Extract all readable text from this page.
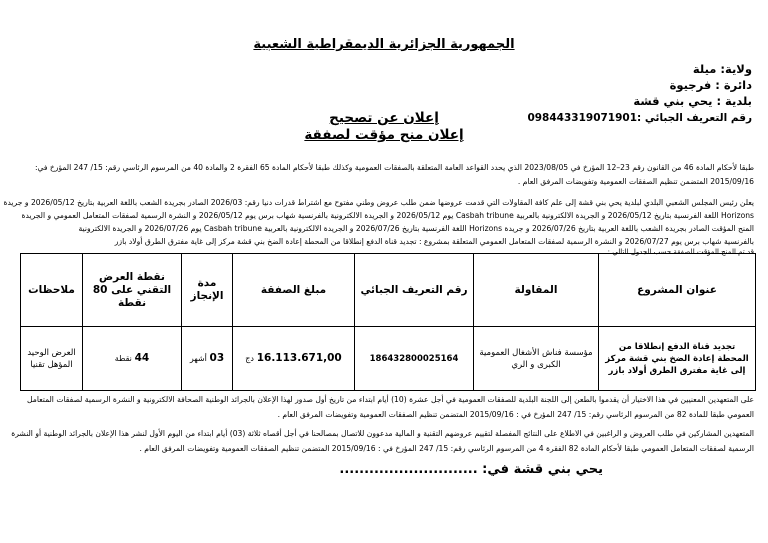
الجمهورية الجزائرية الديمقراطية الشعبية
ولاية: ميلة
دائرة : فرجيوة
بلدية : يحي بني قشة
رقم التعريف الجبائي :098443319071901
إعلان عن تصحيح
إعلان منح مؤقت لصفقة
طبقا لأحكام المادة 46 من القانون رقم 23–12 المؤرخ في 2023/08/05 الذي يحدد القواعد العامة المتعلقة بالصفقات العمومية وكذلك طبقا لأحكام المادة 65 الفقرة 2 والمادة 40 من المرسوم الرئاسي رقم: 15/ 247 المؤرخ في:
2015/09/16 المتضمن تنظيم الصفقات العمومية وتفويضات المرفق العام .
يعلن رئيس المجلس الشعبي البلدي لبلدية يحي بني قشة إلى علم كافة المقاولات التي قدمت عروضها ضمن طلب عروض وطني مفتوح مع اشتراط قدرات دنيا رقم: 2026/03 الصادر بجريدة الشعب باللغة العربية بتاريخ 2026/05/12 و جريدة
Horizons اللغة الفرنسية بتاريخ 2026/05/12 و الجريدة الالكترونية بالعربية Casbah tribune يوم 2026/05/12 و الجريدة الالكترونية بالفرنسية شهاب برس يوم 2026/05/12 و النشرة الرسمية لصفقات المتعامل العمومي و الجريدة
المنح المؤقت الصادر بجريدة الشعب باللغة العربية بتاريخ 2026/07/26 و جريدة Horizons اللغة الفرنسية بتاريخ 2026/07/26 و الجريدة الالكترونية بالعربية Casbah tribune يوم 2026/07/26 و الجريدة الالكترونية
بالفرنسية شهاب برس يوم 2026/07/27 و النشرة الرسمية لصفقات المتعامل العمومي المتعلقة بمشروع : تجديد قناة الدفع إنطلاقا من المحطة إعادة الضخ بني قشة مركز إلى غاية مفترق الطرق أولاد بازر
قد تم المنح المؤقت للصفقة حسب الجدول التالي :
عنوان المشروع	المقاولة	رقم التعريف الجبائي	مبلغ الصفقة	مدة الإنجاز	نقطة العرض التقني على 80 نقطة	ملاحظات
تجديد قناة الدفع إنطلاقا من المحطة إعادة الضخ بني قشة مركز إلى غاية مفترق الطرق أولاد بازر	مؤسسة فناش الأشغال العمومية الكبرى و الري	186432800025164	16.113.671,00 دج	03 أشهر	44 نقطة	العرض الوحيد المؤهل تقنيا
على المتعهدين المعنيين في هذا الاختيار أن يقدموا بالطعن إلى اللجنة البلدية للصفقات العمومية في أجل عشرة (10) أيام ابتداء من تاريخ أول صدور لهذا الإعلان بالجرائد الوطنية الصحافة الالكترونية و النشرة الرسمية لصفقات المتعامل
العمومي طبقا للمادة 82 من المرسوم الرئاسي رقم: 15/ 247 المؤرخ في : 2015/09/16 المتضمن تنظيم الصفقات العمومية وتفويضات المرفق العام .
المتعهدين المشاركين في طلب العروض و الراغبين في الاطلاع على النتائج المفصلة لتقييم عروضهم التقنية و المالية مدعوون للاتصال بمصالحنا في أجل أقصاه ثلاثة (03) أيام ابتداء من اليوم الأول لنشر هذا الإعلان بالجرائد الوطنية أو النشرة
الرسمية لصفقات المتعامل العمومي طبقا لأحكام المادة 82 الفقرة 4 من المرسوم الرئاسي رقم: 15/ 247 المؤرخ في : 2015/09/16 المتضمن تنظيم الصفقات العمومية وتفويضات المرفق العام .
يحي بني قشة في: ............................
